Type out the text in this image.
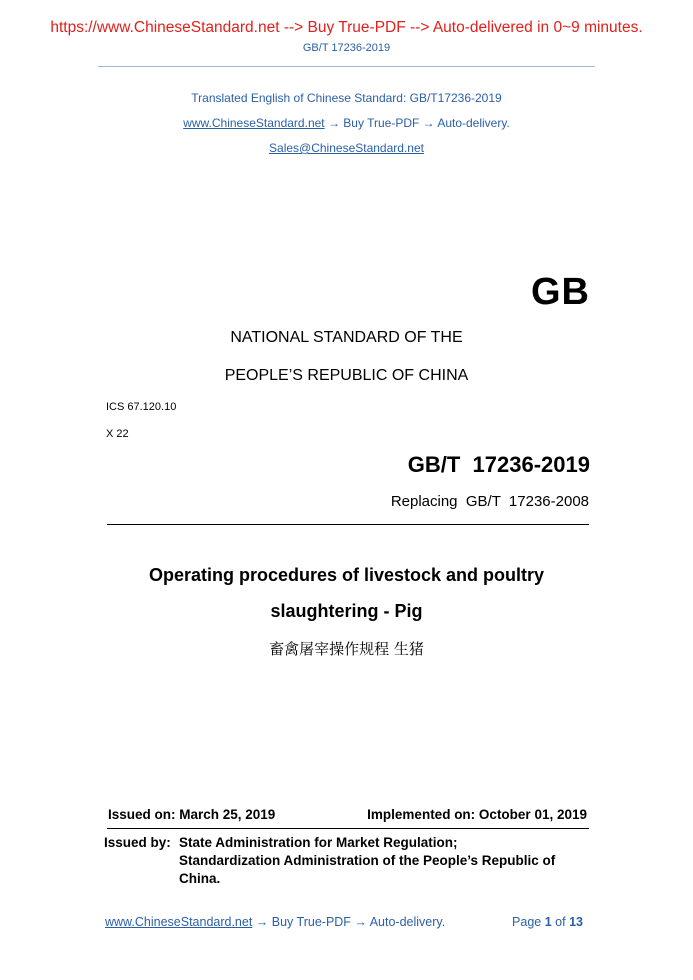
https://www.ChineseStandard.net --> Buy True-PDF --> Auto-delivered in 0~9 minutes.
GB/T 17236-2019
Translated English of Chinese Standard: GB/T17236-2019
www.ChineseStandard.net → Buy True-PDF → Auto-delivery.
Sales@ChineseStandard.net
GB
NATIONAL STANDARD OF THE
PEOPLE’S REPUBLIC OF CHINA
ICS 67.120.10
X 22
GB/T  17236-2019
Replacing  GB/T  17236-2008
Operating procedures of livestock and poultry
slaughtering - Pig
畜禽屠宰操作规程 生猪
Issued on: March 25, 2019	Implemented on: October 01, 2019
Issued by: State Administration for Market Regulation;
Standardization Administration of the People’s Republic of
China.
www.ChineseStandard.net → Buy True-PDF → Auto-delivery.	Page 1 of 13
